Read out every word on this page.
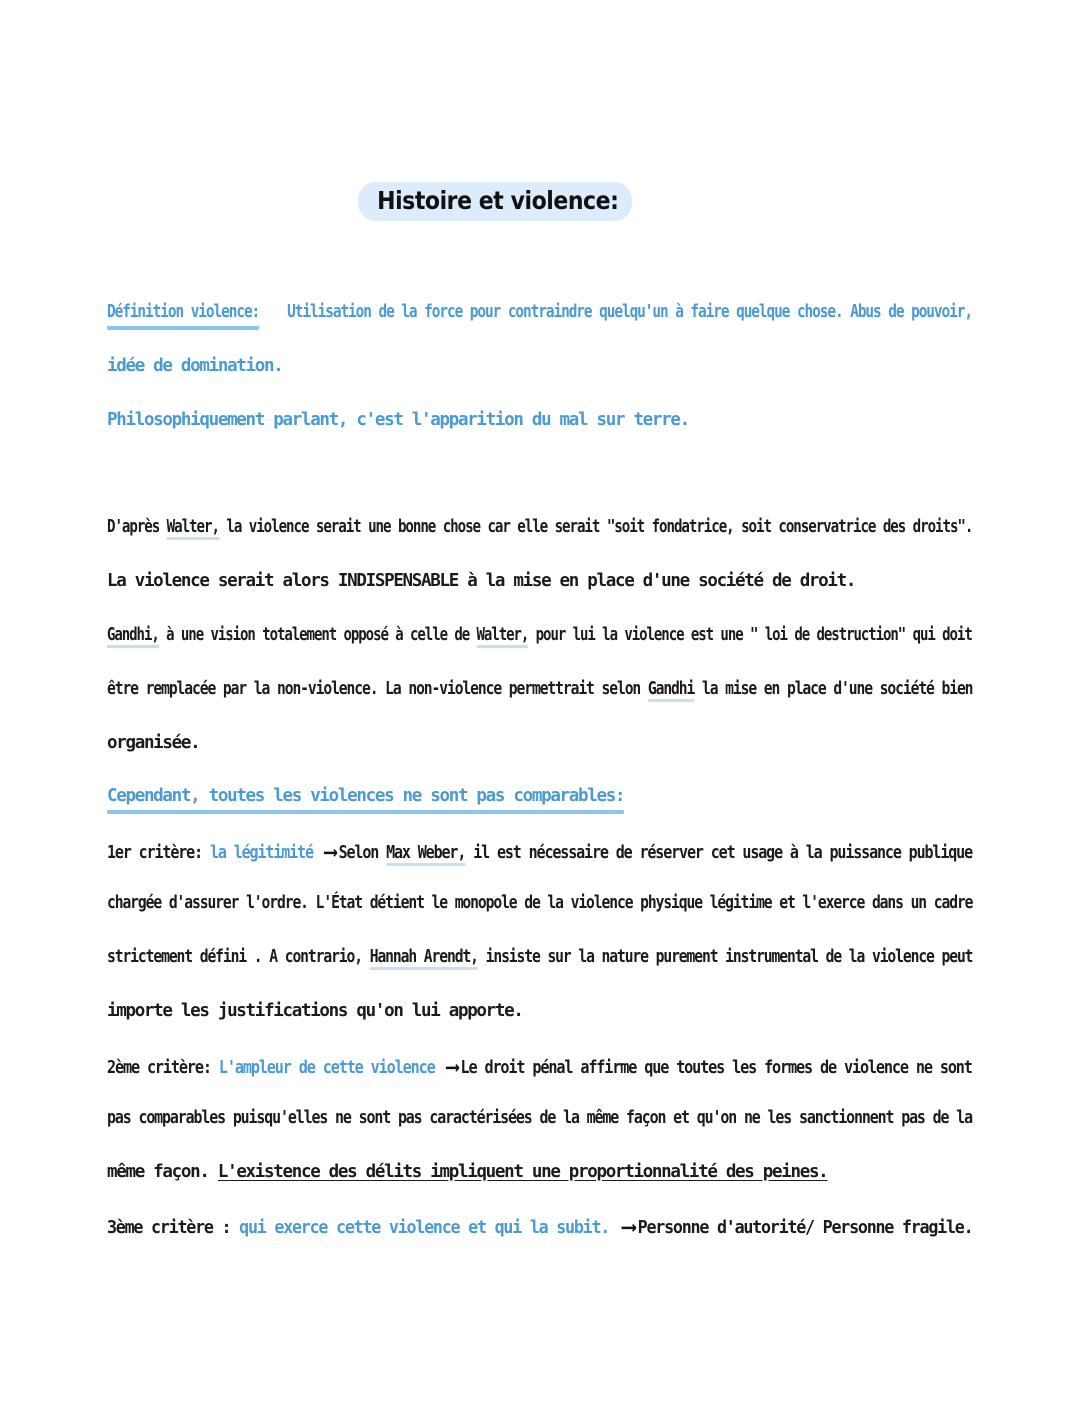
Histoire et violence:
Définition violence: Utilisation de la force pour contraindre quelqu'un à faire quelque chose. Abus de pouvoir,
idée de domination.
Philosophiquement parlant, c'est l'apparition du mal sur terre.
D'après Walter, la violence serait une bonne chose car elle serait "soit fondatrice, soit conservatrice des droits".
La violence serait alors INDISPENSABLE à la mise en place d'une société de droit.
Gandhi, à une vision totalement opposé à celle de Walter, pour lui la violence est une " loi de destruction" qui doit
être remplacée par la non-violence. La non-violence permettrait selon Gandhi la mise en place d'une société bien
organisée.
Cependant, toutes les violences ne sont pas comparables:
1er critère: la légitimité ⟶ Selon Max Weber, il est nécessaire de réserver cet usage à la puissance publique
chargée d'assurer l'ordre. L'État détient le monopole de la violence physique légitime et l'exerce dans un cadre
strictement défini . A contrario, Hannah Arendt, insiste sur la nature purement instrumental de la violence peut
importe les justifications qu'on lui apporte.
2ème critère: L'ampleur de cette violence ⟶ Le droit pénal affirme que toutes les formes de violence ne sont
pas comparables puisqu'elles ne sont pas caractérisées de la même façon et qu'on ne les sanctionnent pas de la
même façon. L'existence des délits impliquent une proportionnalité des peines.
3ème critère : qui exerce cette violence et qui la subit. ⟶ Personne d'autorité/ Personne fragile.
